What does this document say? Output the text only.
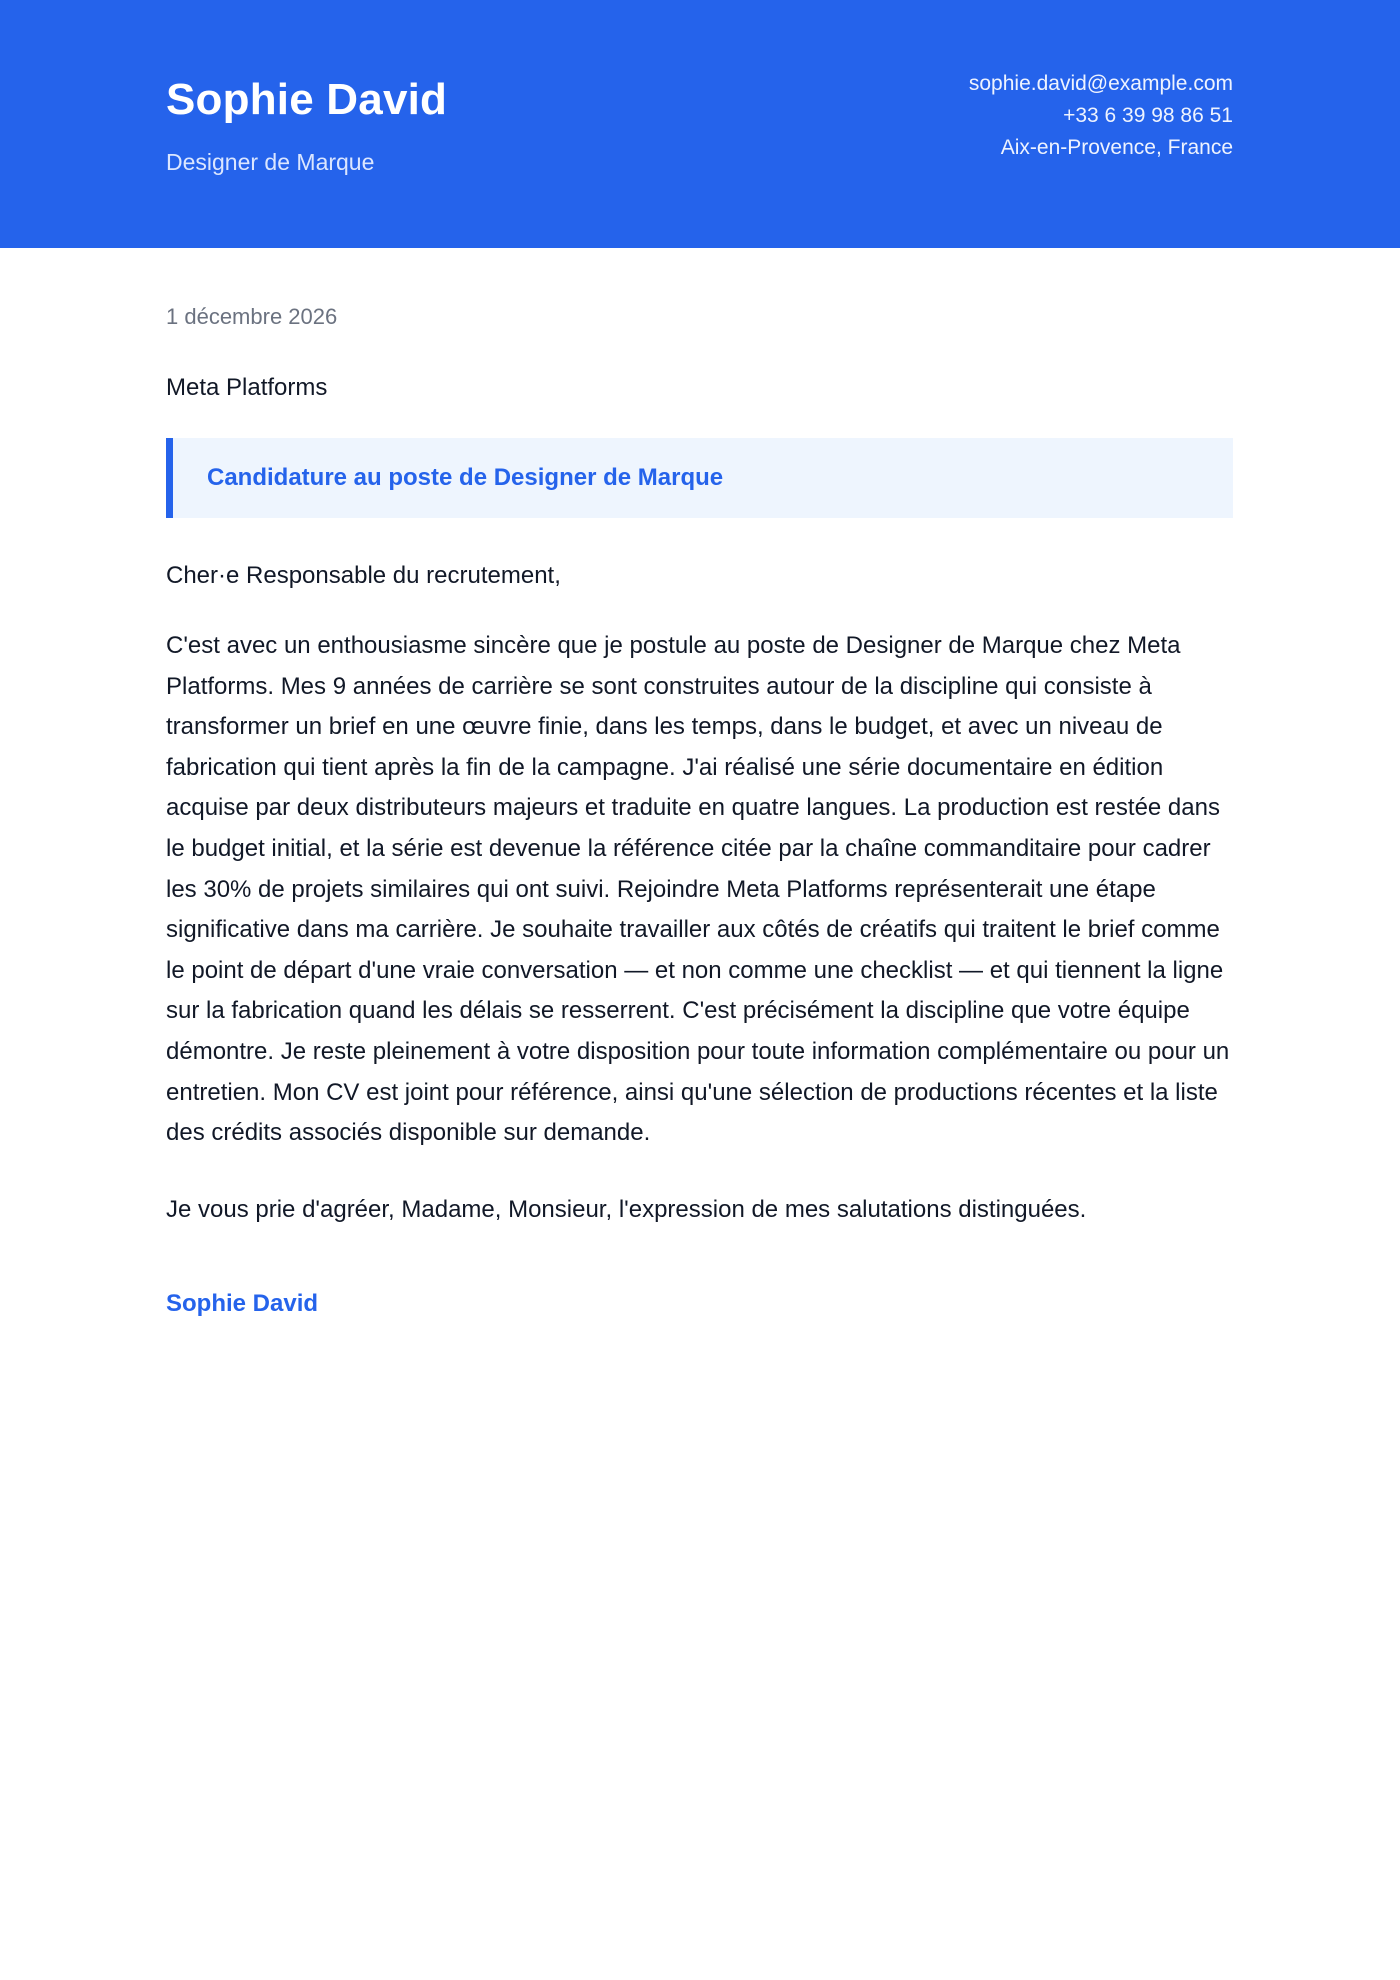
Sophie David
Designer de Marque
sophie.david@example.com
+33 6 39 98 86 51
Aix-en-Provence, France
1 décembre 2026
Meta Platforms
Candidature au poste de Designer de Marque
Cher·e Responsable du recrutement,

C'est avec un enthousiasme sincère que je postule au poste de Designer de Marque chez Meta Platforms. Mes 9 années de carrière se sont construites autour de la discipline qui consiste à transformer un brief en une œuvre finie, dans les temps, dans le budget, et avec un niveau de fabrication qui tient après la fin de la campagne. J'ai réalisé une série documentaire en édition acquise par deux distributeurs majeurs et traduite en quatre langues. La production est restée dans le budget initial, et la série est devenue la référence citée par la chaîne commanditaire pour cadrer les 30% de projets similaires qui ont suivi. Rejoindre Meta Platforms représenterait une étape significative dans ma carrière. Je souhaite travailler aux côtés de créatifs qui traitent le brief comme le point de départ d'une vraie conversation — et non comme une checklist — et qui tiennent la ligne sur la fabrication quand les délais se resserrent. C'est précisément la discipline que votre équipe démontre. Je reste pleinement à votre disposition pour toute information complémentaire ou pour un entretien. Mon CV est joint pour référence, ainsi qu'une sélection de productions récentes et la liste des crédits associés disponible sur demande.

Je vous prie d'agréer, Madame, Monsieur, l'expression de mes salutations distinguées.
Sophie David
